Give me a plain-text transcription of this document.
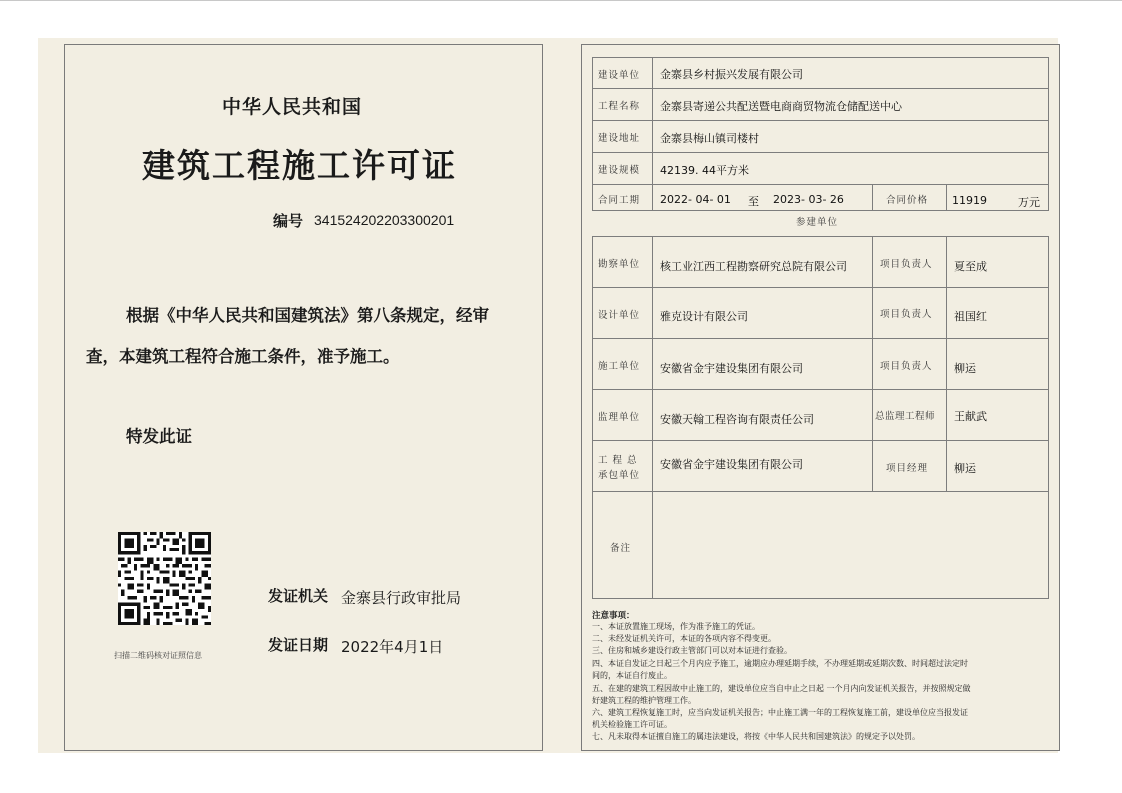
中华人民共和国
建筑工程施工许可证
编号 341524202203300201
根据《中华人民共和国建筑法》第八条规定，经审
查，本建筑工程符合施工条件，准予施工。
特发此证
扫描二维码核对证照信息
发证机关 金寨县行政审批局
发证日期 2022年4月1日
建设单位 金寨县乡村振兴发展有限公司
工程名称 金寨县寄递公共配送暨电商商贸物流仓储配送中心
建设地址 金寨县梅山镇司楼村
建设规模 42139. 44平方米
合同工期 2022- 04- 01 至 2023- 03- 26	合同价格 11919	万元
参建单位
勘察单位 核工业江西工程勘察研究总院有限公司	项目负责人 夏至成
设计单位 雅克设计有限公司	项目负责人 祖国红
施工单位 安徽省金宇建设集团有限公司	项目负责人 柳运
监理单位 安徽天翰工程咨询有限责任公司	总监理工程师 王献武
工 程 总
承包单位
安徽省金宇建设集团有限公司	项目经理 柳运
备注
注意事项：
一、本证放置施工现场，作为准予施工的凭证。
二、未经发证机关许可，本证的各项内容不得变更。
三、住房和城乡建设行政主管部门可以对本证进行查验。
四、本证自发证之日起三个月内应予施工，逾期应办理延期手续，不办理延期或延期次数、时间超过法定时
间的，本证自行废止。
五、在建的建筑工程因故中止施工的，建设单位应当自中止之日起 一个月内向发证机关报告，并按照规定做
好建筑工程的维护管理工作。
六、建筑工程恢复施工时，应当向发证机关报告；中止施工满一年的工程恢复施工前，建设单位应当报发证
机关检验施工许可证。
七、凡未取得本证擅自施工的属违法建设，将按《中华人民共和国建筑法》的规定予以处罚。
